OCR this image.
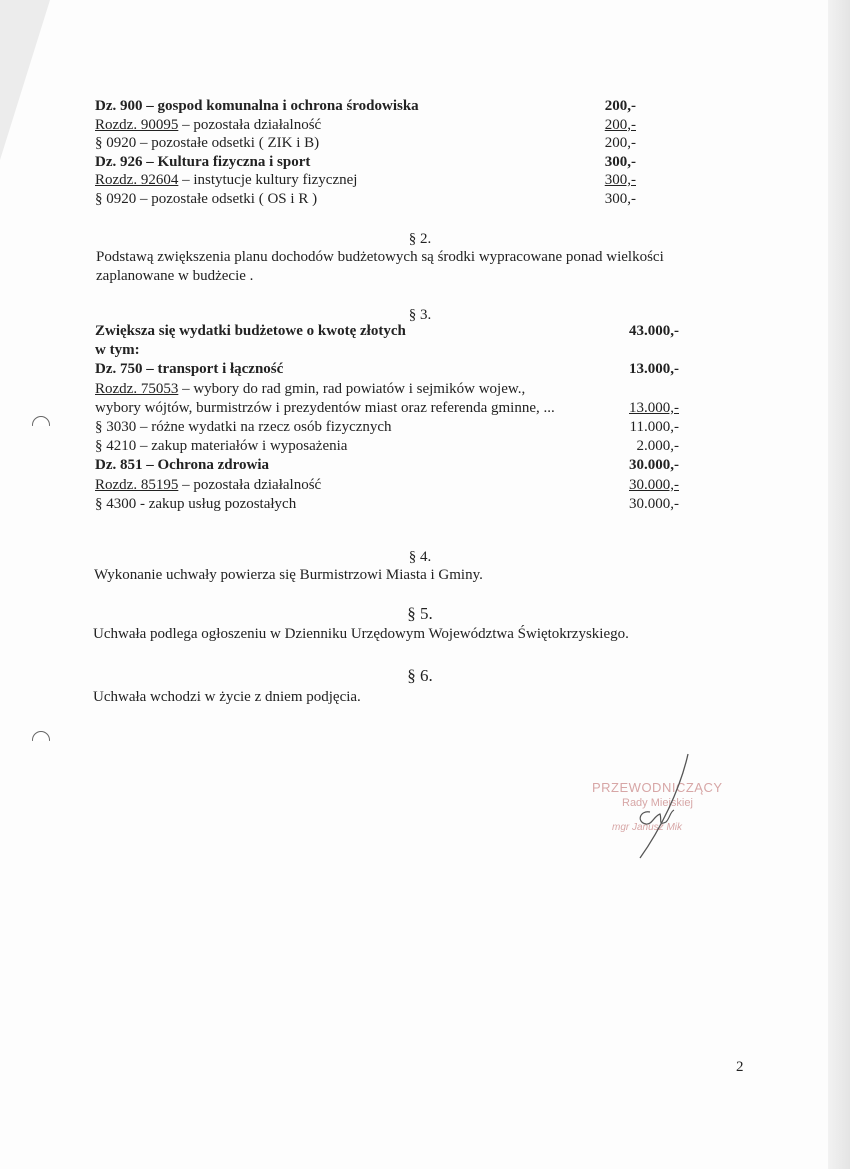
Dz. 900 – gospod komunalna i ochrona środowiska	200,-
Rozdz. 90095 – pozostała działalność	200,-
§ 0920 – pozostałe odsetki ( ZIK i B)	200,-
Dz. 926 – Kultura fizyczna i sport	300,-
Rozdz. 92604 – instytucje kultury fizycznej	300,-
§ 0920 – pozostałe odsetki ( OS i R )	300,-
§ 2.
Podstawą zwiększenia planu dochodów budżetowych są środki wypracowane ponad wielkości
zaplanowane w budżecie .
§ 3.
Zwiększa się wydatki budżetowe o kwotę złotych	43.000,-
w tym:
Dz. 750 – transport i łączność	13.000,-
Rozdz. 75053 – wybory do rad gmin, rad powiatów i sejmików wojew.,
wybory wójtów, burmistrzów i prezydentów miast oraz referenda gminne, ...	13.000,-
§ 3030 – różne wydatki na rzecz osób fizycznych	11.000,-
§ 4210 – zakup materiałów i wyposażenia	2.000,-
Dz. 851 – Ochrona zdrowia	30.000,-
Rozdz. 85195 – pozostała działalność	30.000,-
§ 4300 - zakup usług pozostałych	30.000,-
§ 4.
Wykonanie uchwały powierza się Burmistrzowi Miasta i Gminy.
§ 5.
Uchwała podlega ogłoszeniu w Dzienniku Urzędowym Województwa Świętokrzyskiego.
§ 6.
Uchwała wchodzi w życie z dniem podjęcia.
PRZEWODNICZĄCY
Rady Miejskiej
mgr Janusz Mik
2
